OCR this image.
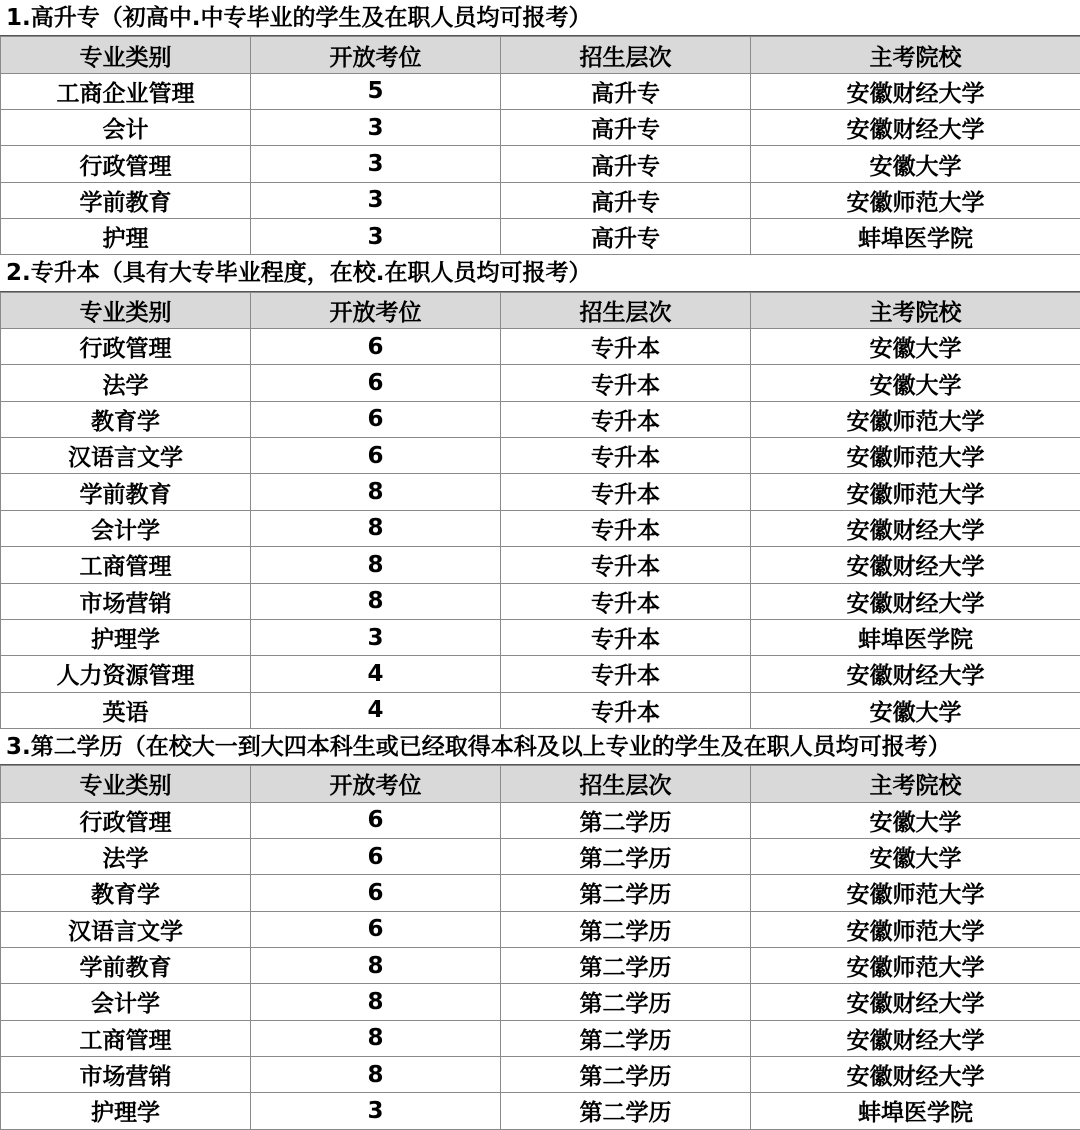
1.高升专（初高中.中专毕业的学生及在职人员均可报考）
专业类别	开放考位	招生层次	主考院校
工商企业管理	5	高升专	安徽财经大学
会计	3	高升专	安徽财经大学
行政管理	3	高升专	安徽大学
学前教育	3	高升专	安徽师范大学
护理	3	高升专	蚌埠医学院
2.专升本（具有大专毕业程度，在校.在职人员均可报考）
专业类别	开放考位	招生层次	主考院校
行政管理	6	专升本	安徽大学
法学	6	专升本	安徽大学
教育学	6	专升本	安徽师范大学
汉语言文学	6	专升本	安徽师范大学
学前教育	8	专升本	安徽师范大学
会计学	8	专升本	安徽财经大学
工商管理	8	专升本	安徽财经大学
市场营销	8	专升本	安徽财经大学
护理学	3	专升本	蚌埠医学院
人力资源管理	4	专升本	安徽财经大学
英语	4	专升本	安徽大学
3.第二学历（在校大一到大四本科生或已经取得本科及以上专业的学生及在职人员均可报考）
专业类别	开放考位	招生层次	主考院校
行政管理	6	第二学历	安徽大学
法学	6	第二学历	安徽大学
教育学	6	第二学历	安徽师范大学
汉语言文学	6	第二学历	安徽师范大学
学前教育	8	第二学历	安徽师范大学
会计学	8	第二学历	安徽财经大学
工商管理	8	第二学历	安徽财经大学
市场营销	8	第二学历	安徽财经大学
护理学	3	第二学历	蚌埠医学院
